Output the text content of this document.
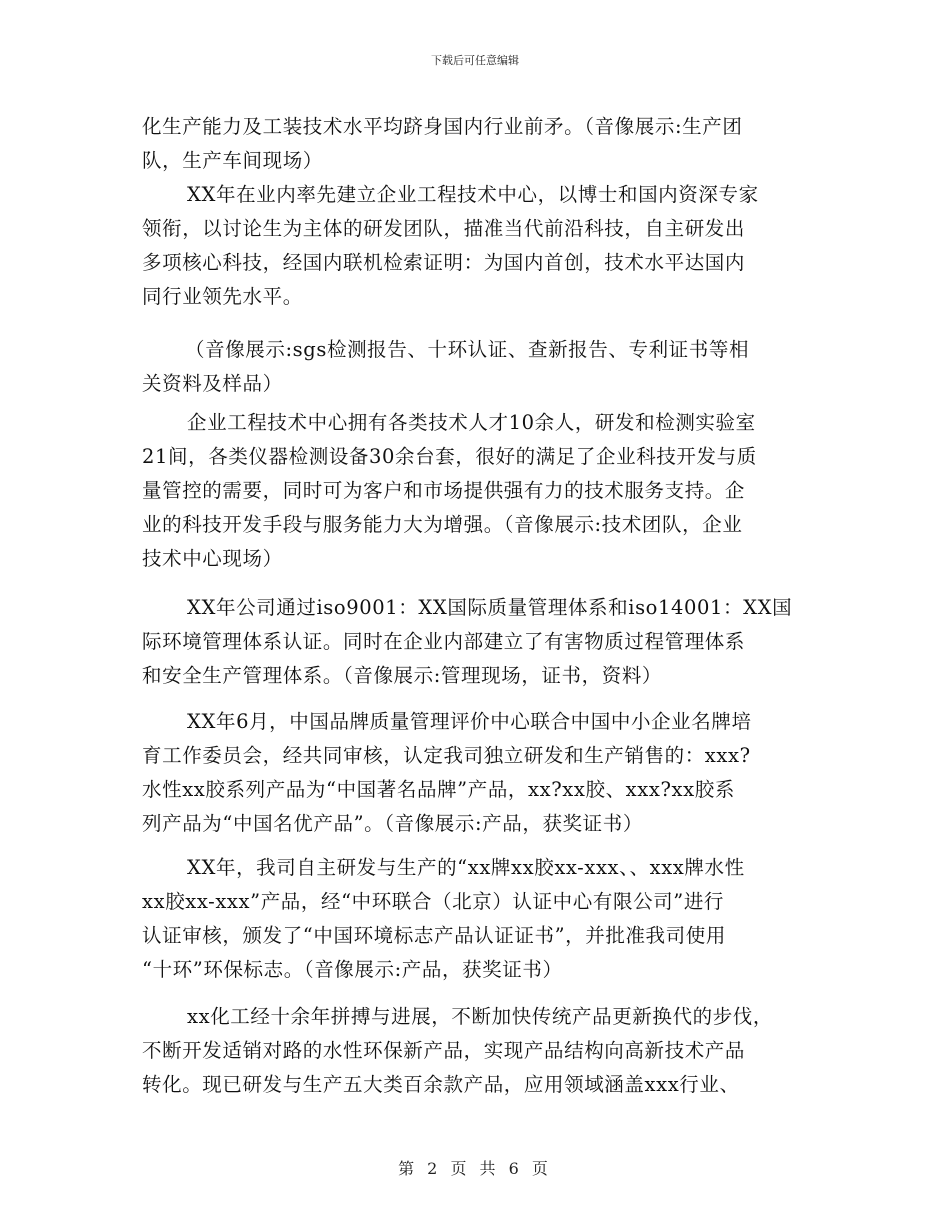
下载后可任意编辑
化生产能力及工装技术水平均跻身国内行业前矛。（音像展示:生产团
队，生产车间现场）
XX年在业内率先建立企业工程技术中心，以博士和国内资深专家
领衔，以讨论生为主体的研发团队，描准当代前沿科技，自主研发出
多项核心科技，经国内联机检索证明：为国内首创，技术水平达国内
同行业领先水平。
（音像展示:sgs检测报告、十环认证、查新报告、专利证书等相
关资料及样品）
企业工程技术中心拥有各类技术人才10余人，研发和检测实验室
21间，各类仪器检测设备30余台套，很好的满足了企业科技开发与质
量管控的需要，同时可为客户和市场提供强有力的技术服务支持。企
业的科技开发手段与服务能力大为增强。（音像展示:技术团队，企业
技术中心现场）
XX年公司通过iso9001：XX国际质量管理体系和iso14001：XX国
际环境管理体系认证。同时在企业内部建立了有害物质过程管理体系
和安全生产管理体系。（音像展示:管理现场，证书，资料）
XX年6月，中国品牌质量管理评价中心联合中国中小企业名牌培
育工作委员会，经共同审核，认定我司独立研发和生产销售的：xxx?
水性xx胶系列产品为“中国著名品牌”产品，xx?xx胶、xxx?xx胶系
列产品为“中国名优产品”。（音像展示:产品，获奖证书）
XX年，我司自主研发与生产的“xx牌xx胶xx-xxx、、xxx牌水性
xx胶xx-xxx”产品，经“中环联合（北京）认证中心有限公司”进行
认证审核，颁发了“中国环境标志产品认证证书”，并批准我司使用
“十环”环保标志。（音像展示:产品，获奖证书）
xx化工经十余年拼搏与进展，不断加快传统产品更新换代的步伐，
不断开发适销对路的水性环保新产品，实现产品结构向高新技术产品
转化。现已研发与生产五大类百余款产品，应用领域涵盖xxx行业、
第 2 页 共 6 页
